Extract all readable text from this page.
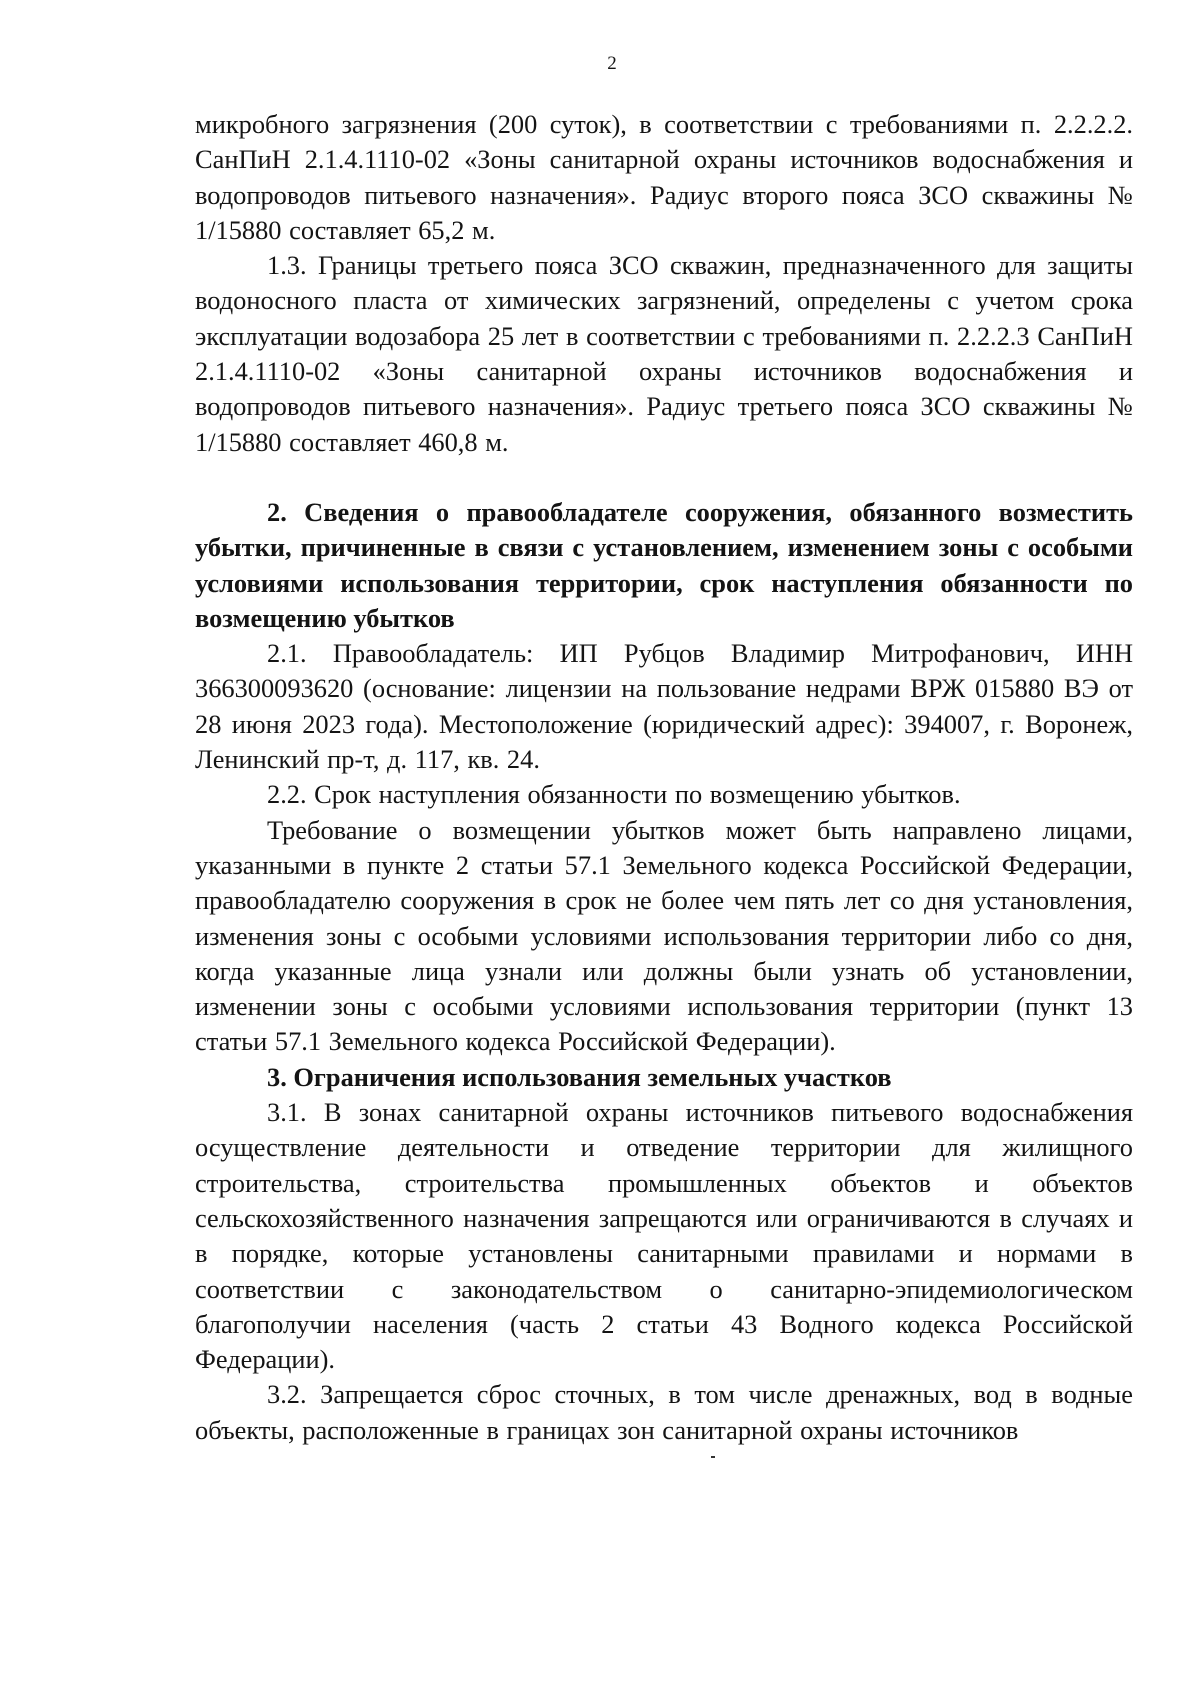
2

микробного загрязнения (200 суток), в соответствии с требованиями п. 2.2.2.2. СанПиН 2.1.4.1110-02 «Зоны санитарной охраны источников водоснабжения и водопроводов питьевого назначения». Радиус второго пояса ЗСО скважины № 1/15880 составляет 65,2 м.

1.3. Границы третьего пояса ЗСО скважин, предназначенного для защиты водоносного пласта от химических загрязнений, определены с учетом срока эксплуатации водозабора 25 лет в соответствии с требованиями п. 2.2.2.3 СанПиН 2.1.4.1110-02 «Зоны санитарной охраны источников водоснабжения и водопроводов питьевого назначения». Радиус третьего пояса ЗСО скважины № 1/15880 составляет 460,8 м.

2. Сведения о правообладателе сооружения, обязанного возместить убытки, причиненные в связи с установлением, изменением зоны с особыми условиями использования территории, срок наступления обязанности по возмещению убытков

2.1. Правообладатель: ИП Рубцов Владимир Митрофанович, ИНН 366300093620 (основание: лицензии на пользование недрами ВРЖ 015880 ВЭ от 28 июня 2023 года). Местоположение (юридический адрес): 394007, г. Воронеж, Ленинский пр-т, д. 117, кв. 24.

2.2. Срок наступления обязанности по возмещению убытков.

Требование о возмещении убытков может быть направлено лицами, указанными в пункте 2 статьи 57.1 Земельного кодекса Российской Федерации, правообладателю сооружения в срок не более чем пять лет со дня установления, изменения зоны с особыми условиями использования территории либо со дня, когда указанные лица узнали или должны были узнать об установлении, изменении зоны с особыми условиями использования территории (пункт 13 статьи 57.1 Земельного кодекса Российской Федерации).

3. Ограничения использования земельных участков

3.1. В зонах санитарной охраны источников питьевого водоснабжения осуществление деятельности и отведение территории для жилищного строительства, строительства промышленных объектов и объектов сельскохозяйственного назначения запрещаются или ограничиваются в случаях и в порядке, которые установлены санитарными правилами и нормами в соответствии с законодательством о санитарно-эпидемиологическом благополучии населения (часть 2 статьи 43 Водного кодекса Российской Федерации).

3.2. Запрещается сброс сточных, в том числе дренажных, вод в водные объекты, расположенные в границах зон санитарной охраны источников
